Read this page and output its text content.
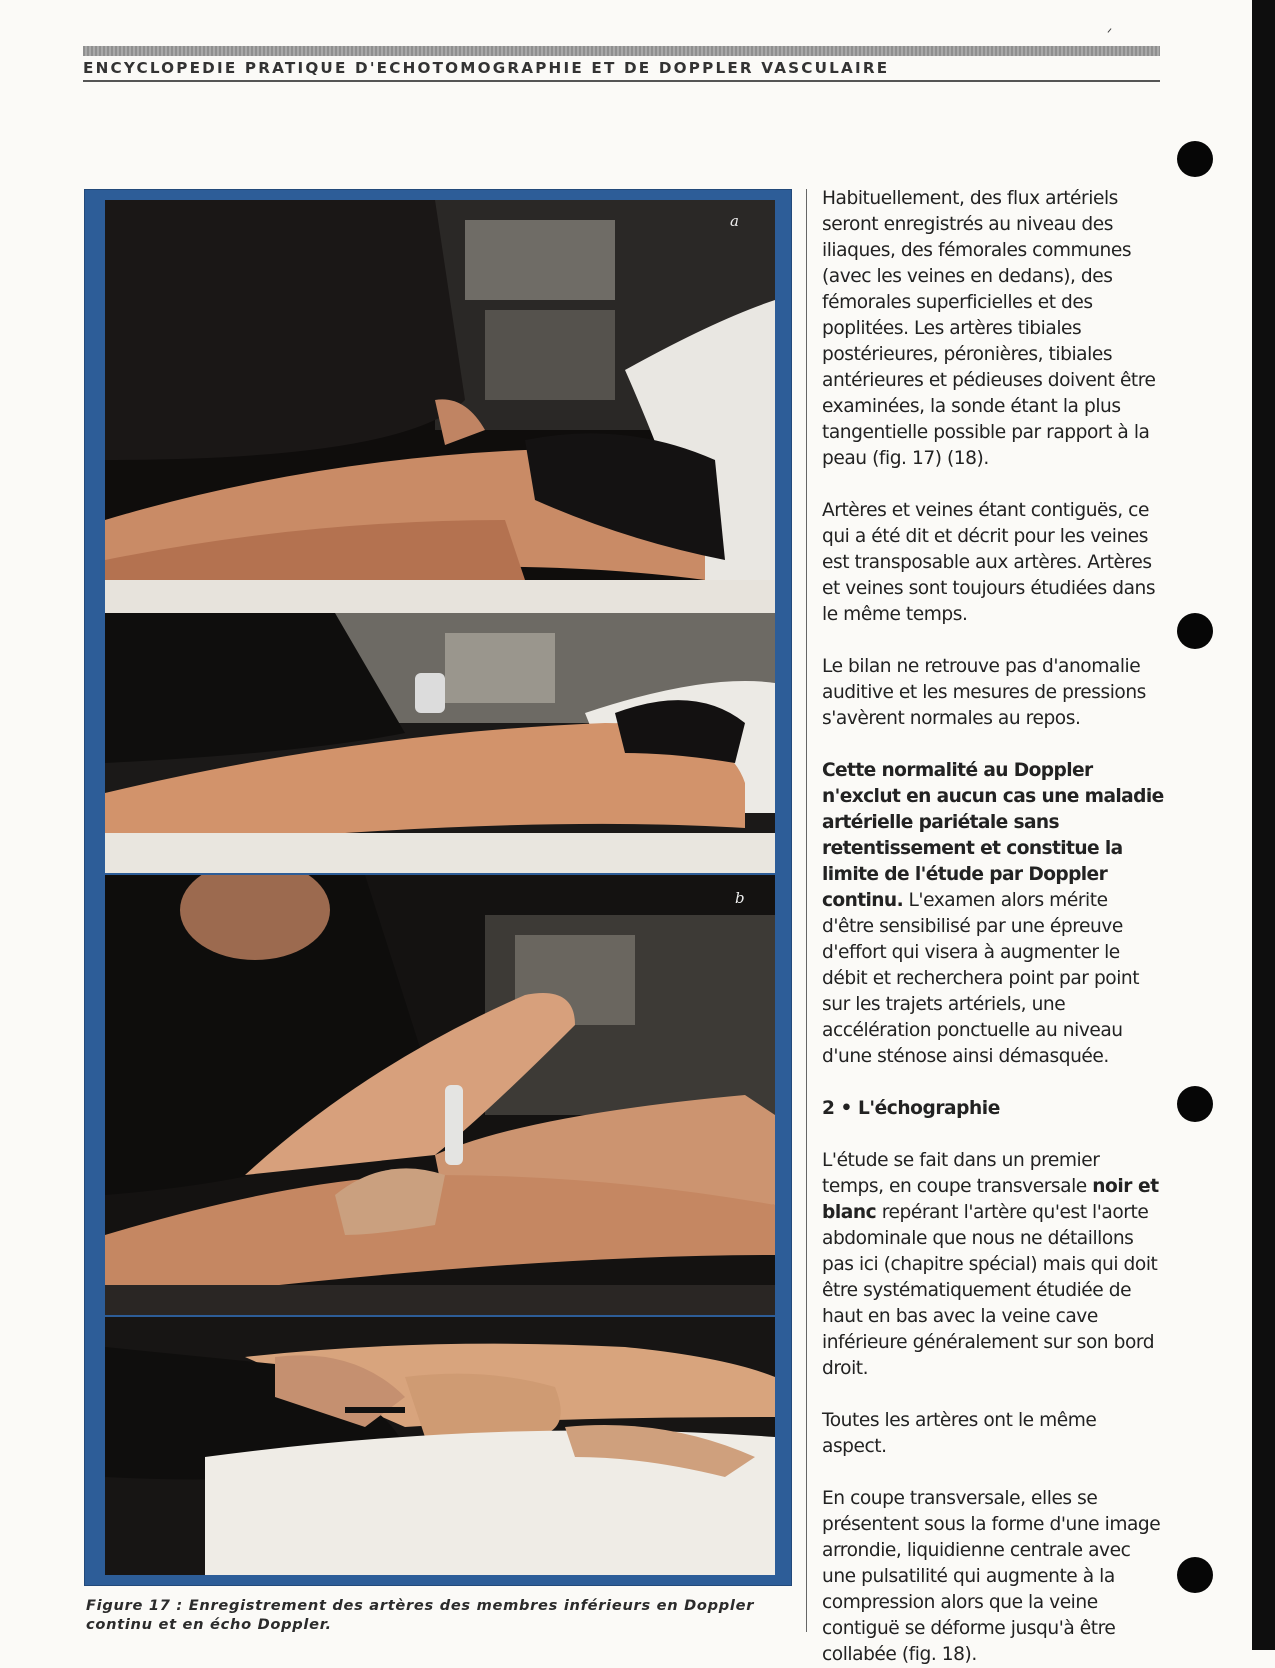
ENCYCLOPEDIE PRATIQUE D'ECHOTOMOGRAPHIE ET DE DOPPLER VASCULAIRE
a
b
Figure 17 : Enregistrement des artères des membres inférieurs en Doppler
continu et en écho Doppler.

Habituellement, des flux artériels seront enregistrés au niveau des iliaques, des fémorales communes (avec les veines en dedans), des fémorales superficielles et des poplitées. Les artères tibiales postérieures, péronières, tibiales antérieures et pédieuses doivent être examinées, la sonde étant la plus tangentielle possible par rapport à la peau (fig. 17) (18).

Artères et veines étant contiguës, ce qui a été dit et décrit pour les veines est transposable aux artères. Artères et veines sont toujours étudiées dans le même temps.

Le bilan ne retrouve pas d'anomalie auditive et les mesures de pressions s'avèrent normales au repos.

Cette normalité au Doppler n'exclut en aucun cas une maladie artérielle pariétale sans retentissement et constitue la limite de l'étude par Doppler continu. L'examen alors mérite d'être sensibilisé par une épreuve d'effort qui visera à augmenter le débit et recherchera point par point sur les trajets artériels, une accélération ponctuelle au niveau d'une sténose ainsi démasquée.

2 • L'échographie

L'étude se fait dans un premier temps, en coupe transversale noir et blanc repérant l'artère qu'est l'aorte abdominale que nous ne détaillons pas ici (chapitre spécial) mais qui doit être systématiquement étudiée de haut en bas avec la veine cave inférieure généralement sur son bord droit.

Toutes les artères ont le même aspect.

En coupe transversale, elles se présentent sous la forme d'une image arrondie, liquidienne centrale avec une pulsatilité qui augmente à la compression alors que la veine contiguë se déforme jusqu'à être collabée (fig. 18).
